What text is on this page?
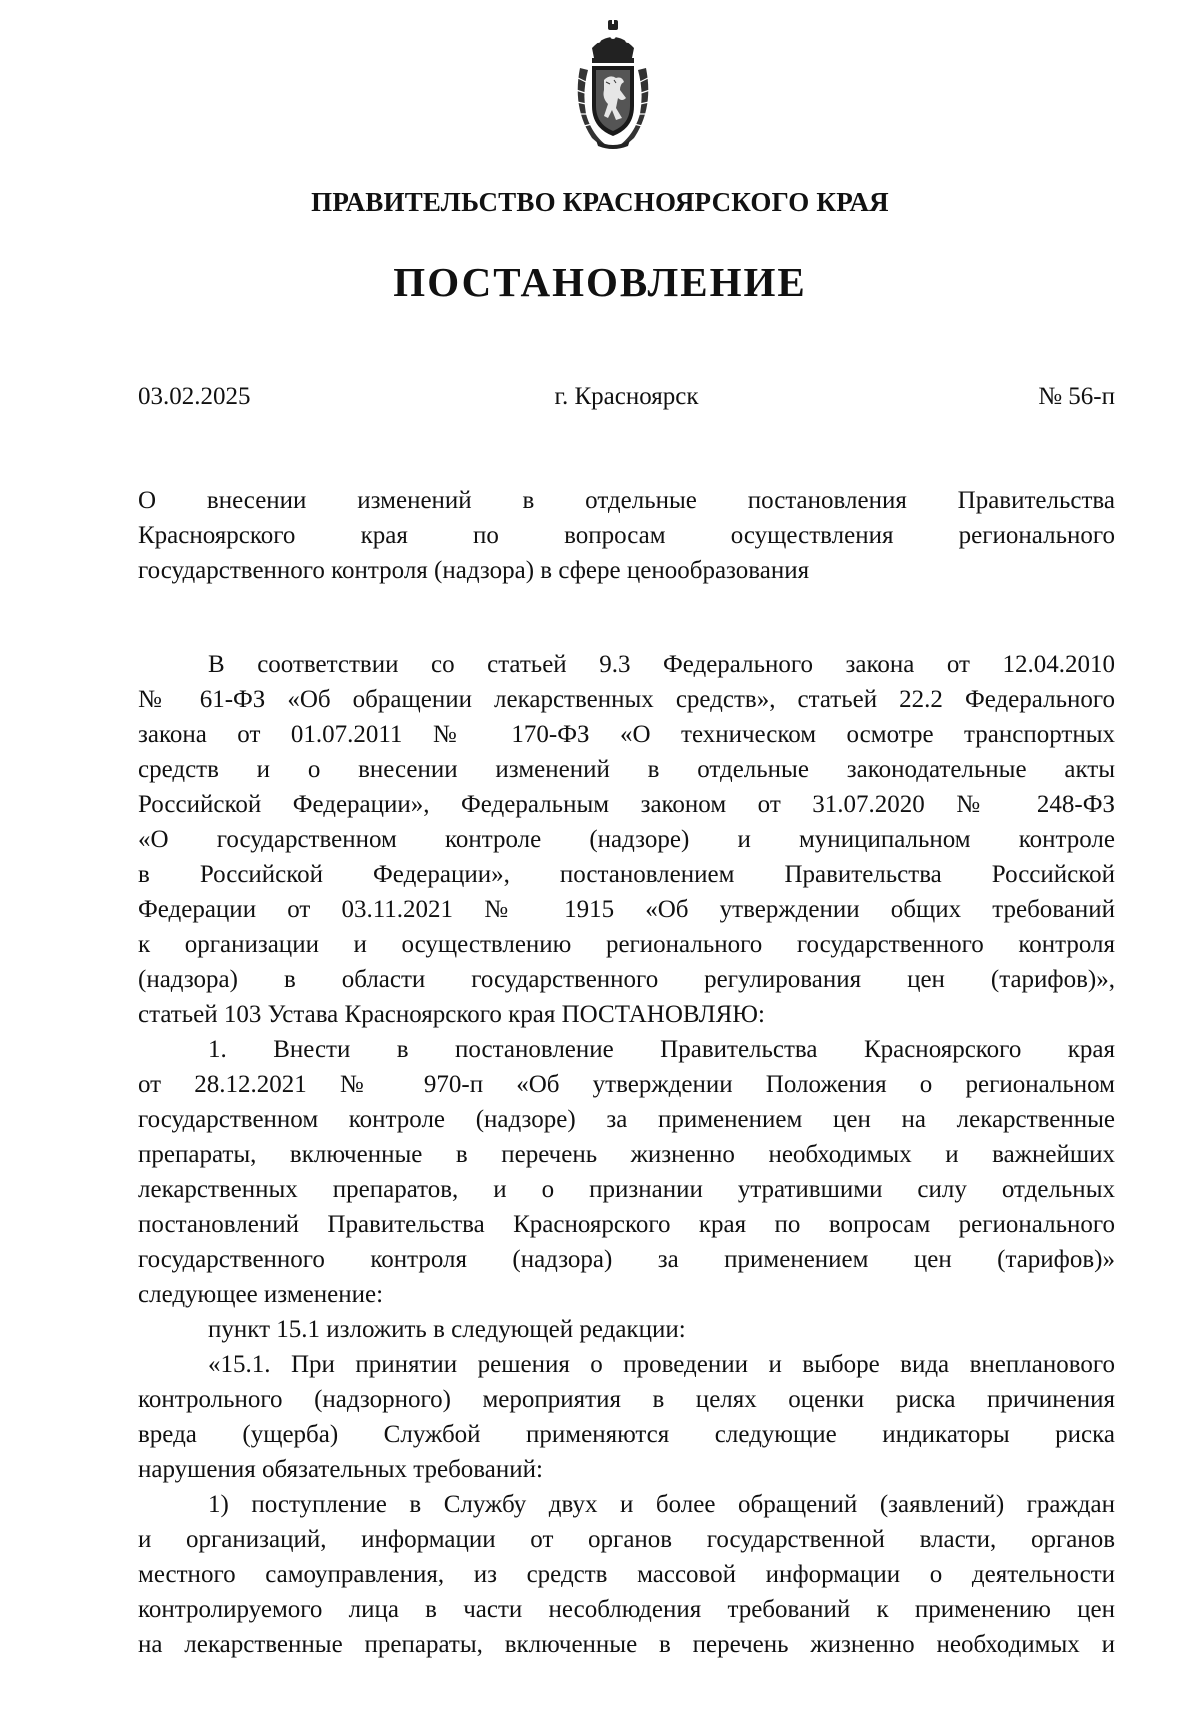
ПРАВИТЕЛЬСТВО КРАСНОЯРСКОГО КРАЯ
ПОСТАНОВЛЕНИЕ
03.02.2025	г. Красноярск	№ 56-п
О внесении изменений в отдельные постановления Правительства
Красноярского края по вопросам осуществления регионального
государственного контроля (надзора) в сфере ценообразования
В соответствии со статьей 9.3 Федерального закона от 12.04.2010
№ 61-ФЗ «Об обращении лекарственных средств», статьей 22.2 Федерального
закона от 01.07.2011 № 170-ФЗ «О техническом осмотре транспортных
средств и о внесении изменений в отдельные законодательные акты
Российской Федерации», Федеральным законом от 31.07.2020 № 248-ФЗ
«О государственном контроле (надзоре) и муниципальном контроле
в Российской Федерации», постановлением Правительства Российской
Федерации от 03.11.2021 № 1915 «Об утверждении общих требований
к организации и осуществлению регионального государственного контроля
(надзора) в области государственного регулирования цен (тарифов)»,
статьей 103 Устава Красноярского края ПОСТАНОВЛЯЮ:
1. Внести в постановление Правительства Красноярского края
от 28.12.2021 № 970-п «Об утверждении Положения о региональном
государственном контроле (надзоре) за применением цен на лекарственные
препараты, включенные в перечень жизненно необходимых и важнейших
лекарственных препаратов, и о признании утратившими силу отдельных
постановлений Правительства Красноярского края по вопросам регионального
государственного контроля (надзора) за применением цен (тарифов)»
следующее изменение:
пункт 15.1 изложить в следующей редакции:
«15.1. При принятии решения о проведении и выборе вида внепланового
контрольного (надзорного) мероприятия в целях оценки риска причинения
вреда (ущерба) Службой применяются следующие индикаторы риска
нарушения обязательных требований:
1) поступление в Службу двух и более обращений (заявлений) граждан
и организаций, информации от органов государственной власти, органов
местного самоуправления, из средств массовой информации о деятельности
контролируемого лица в части несоблюдения требований к применению цен
на лекарственные препараты, включенные в перечень жизненно необходимых и
